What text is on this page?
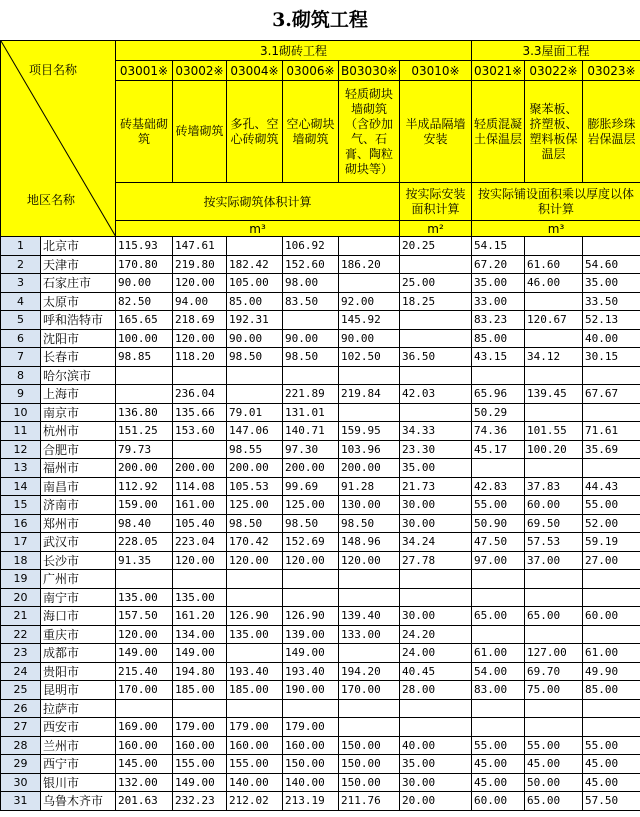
3.砌筑工程
项目名称
地区名称		3.1砌砖工程						3.3屋面工程		
		03001※	03002※	03004※	03006※	B03030※	03010※	03021※	03022※	03023※
		砖基础砌筑	砖墙砌筑	多孔、空心砖砌筑	空心砌块墙砌筑	轻质砌块墙砌筑（含砂加气、石膏、陶粒砌块等）	半成品隔墙安装	轻质混凝土保温层	聚苯板、挤塑板、塑料板保温层	膨胀珍珠岩保温层
		按实际砌筑体积计算					按实际安装面积计算	按实际铺设面积乘以厚度以体积计算		
		m³					m²	m³		
1	北京市	115.93	147.61		106.92		20.25	54.15		
2	天津市	170.80	219.80	182.42	152.60	186.20		67.20	61.60	54.60
3	石家庄市	90.00	120.00	105.00	98.00		25.00	35.00	46.00	35.00
4	太原市	82.50	94.00	85.00	83.50	92.00	18.25	33.00		33.50
5	呼和浩特市	165.65	218.69	192.31		145.92		83.23	120.67	52.13
6	沈阳市	100.00	120.00	90.00	90.00	90.00		85.00		40.00
7	长春市	98.85	118.20	98.50	98.50	102.50	36.50	43.15	34.12	30.15
8	哈尔滨市									
9	上海市		236.04		221.89	219.84	42.03	65.96	139.45	67.67
10	南京市	136.80	135.66	79.01	131.01			50.29		
11	杭州市	151.25	153.60	147.06	140.71	159.95	34.33	74.36	101.55	71.61
12	合肥市	79.73		98.55	97.30	103.96	23.30	45.17	100.20	35.69
13	福州市	200.00	200.00	200.00	200.00	200.00	35.00			
14	南昌市	112.92	114.08	105.53	99.69	91.28	21.73	42.83	37.83	44.43
15	济南市	159.00	161.00	125.00	125.00	130.00	30.00	55.00	60.00	55.00
16	郑州市	98.40	105.40	98.50	98.50	98.50	30.00	50.90	69.50	52.00
17	武汉市	228.05	223.04	170.42	152.69	148.96	34.24	47.50	57.53	59.19
18	长沙市	91.35	120.00	120.00	120.00	120.00	27.78	97.00	37.00	27.00
19	广州市									
20	南宁市	135.00	135.00							
21	海口市	157.50	161.20	126.90	126.90	139.40	30.00	65.00	65.00	60.00
22	重庆市	120.00	134.00	135.00	139.00	133.00	24.20			
23	成都市	149.00	149.00		149.00		24.00	61.00	127.00	61.00
24	贵阳市	215.40	194.80	193.40	193.40	194.20	40.45	54.00	69.70	49.90
25	昆明市	170.00	185.00	185.00	190.00	170.00	28.00	83.00	75.00	85.00
26	拉萨市									
27	西安市	169.00	179.00	179.00	179.00					
28	兰州市	160.00	160.00	160.00	160.00	150.00	40.00	55.00	55.00	55.00
29	西宁市	145.00	155.00	155.00	150.00	150.00	35.00	45.00	45.00	45.00
30	银川市	132.00	149.00	140.00	140.00	150.00	30.00	45.00	50.00	45.00
31	乌鲁木齐市	201.63	232.23	212.02	213.19	211.76	20.00	60.00	65.00	57.50
